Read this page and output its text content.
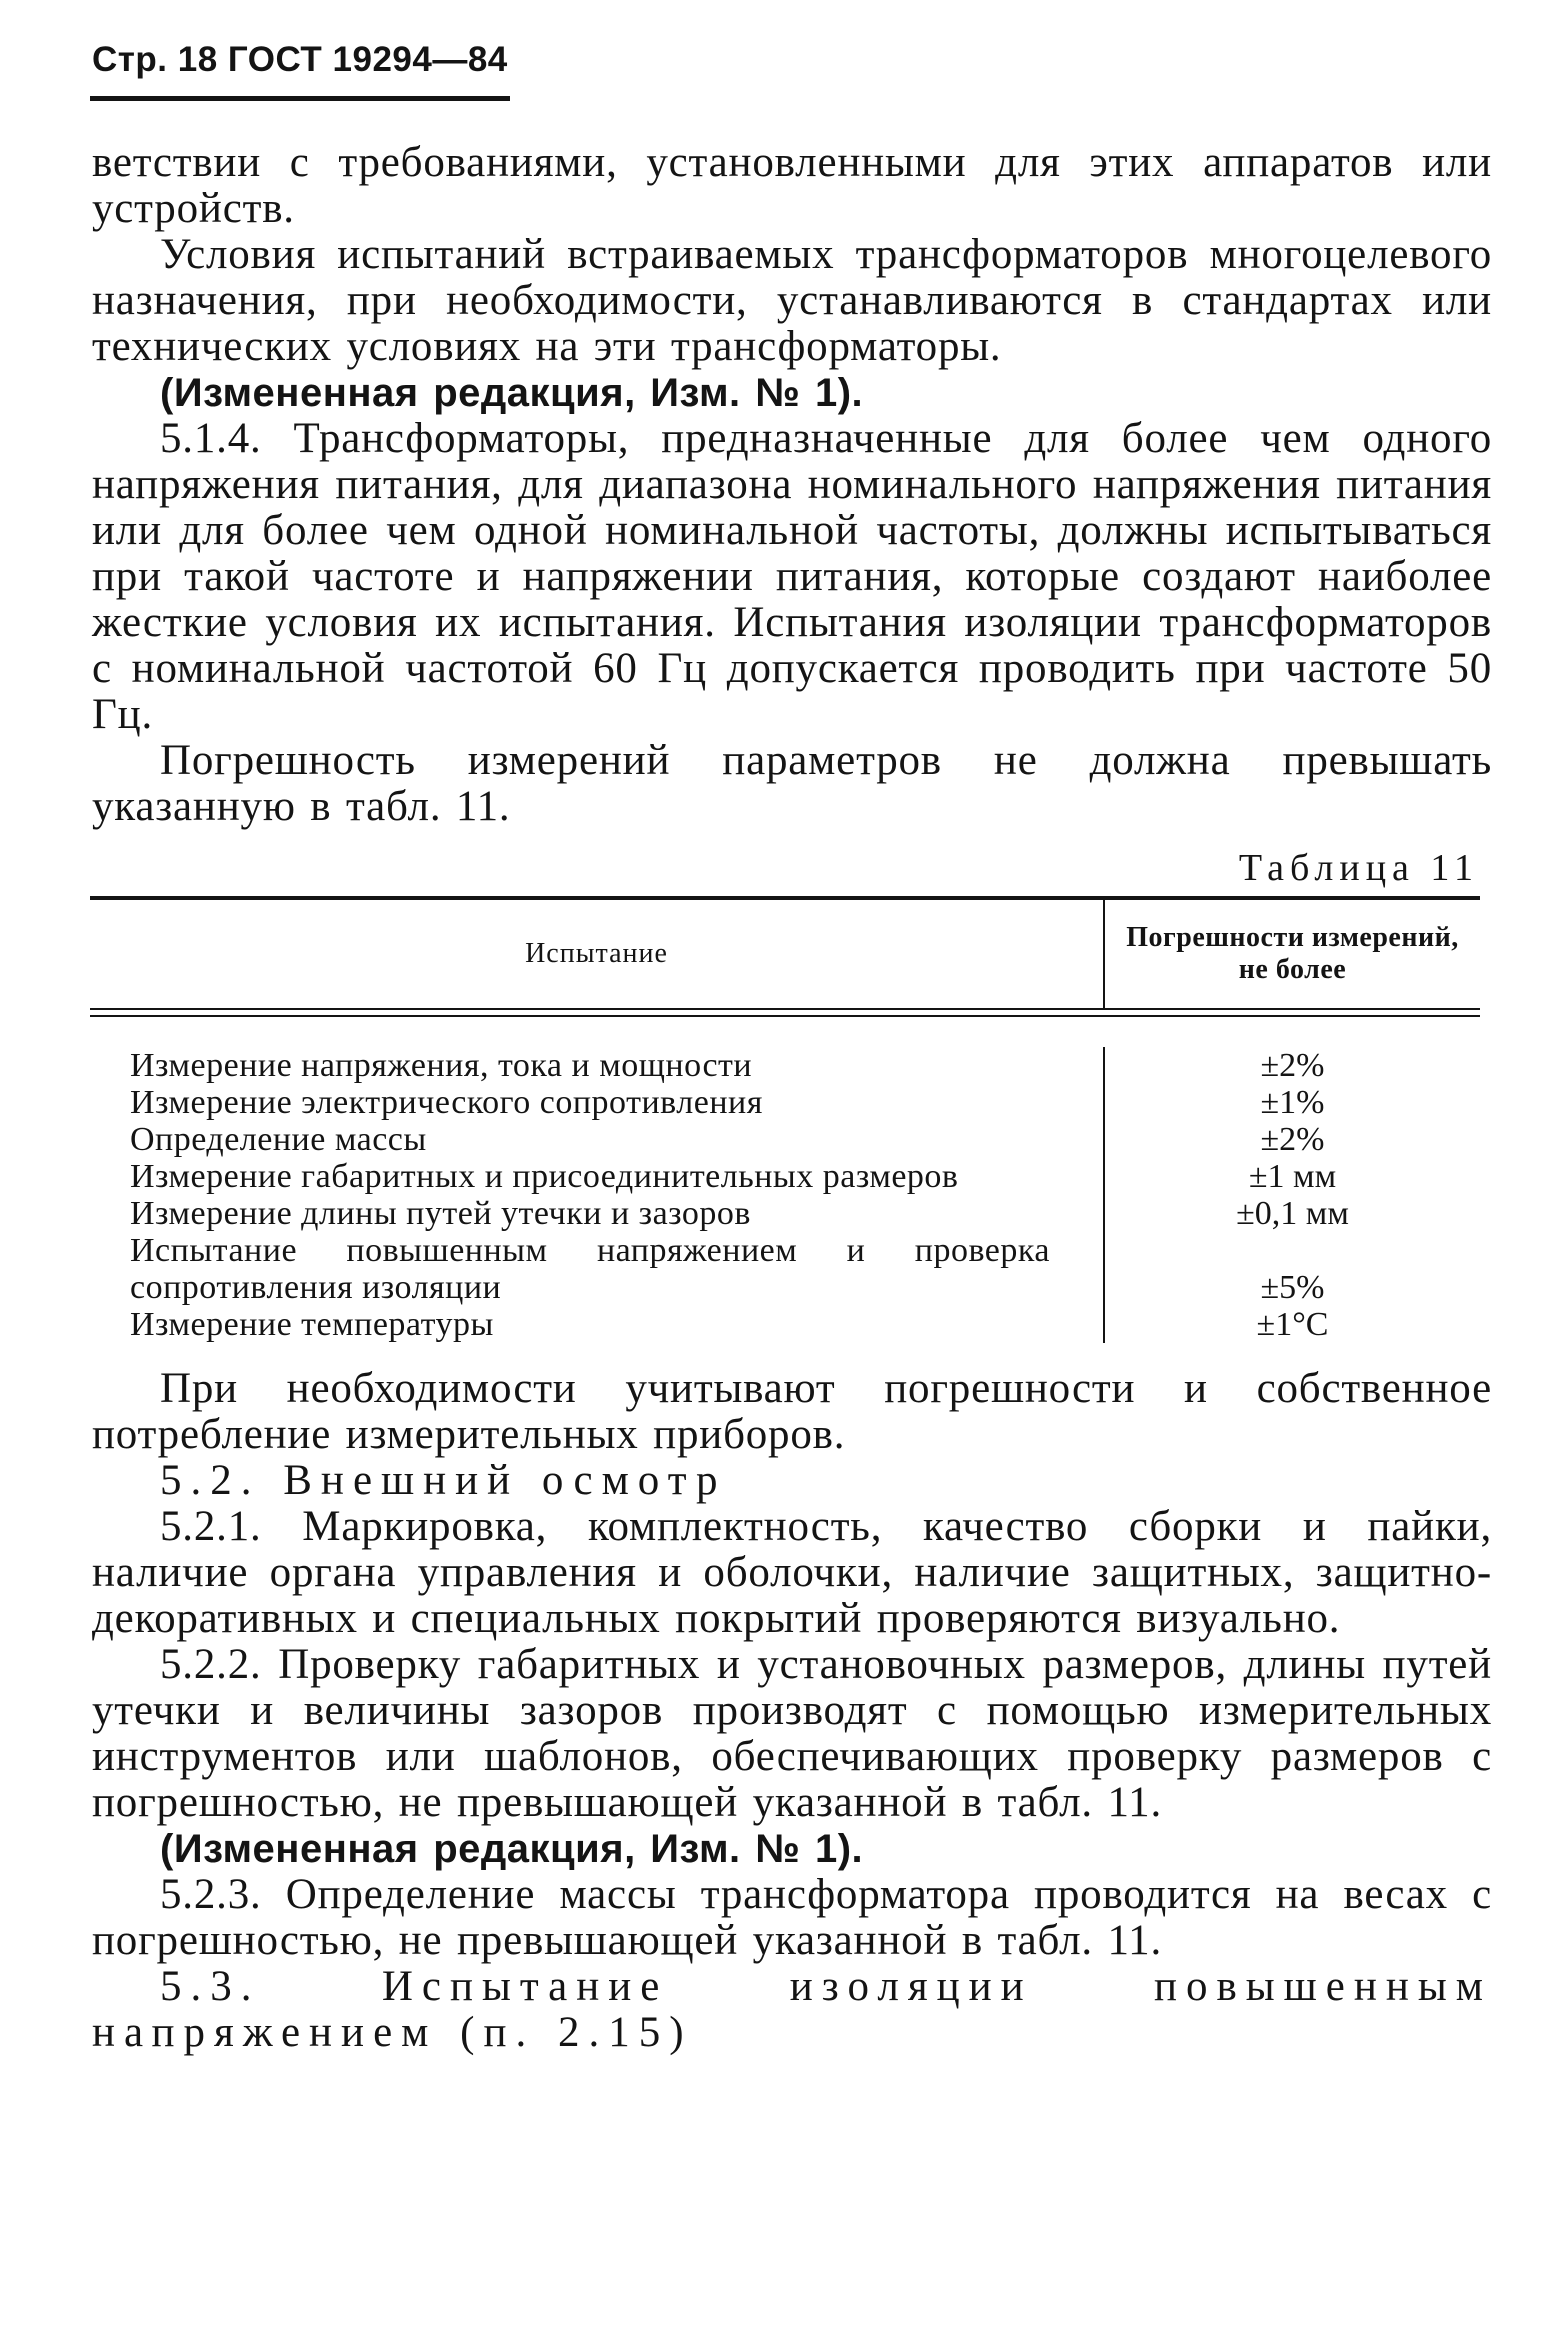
Стр. 18 ГОСТ 19294—84

ветствии с требованиями, установленными для этих аппаратов или устройств.

Условия испытаний встраиваемых трансформаторов многоцелевого назначения, при необходимости, устанавливаются в стандартах или технических условиях на эти трансформаторы.

(Измененная редакция, Изм. № 1).

5.1.4. Трансформаторы, предназначенные для более чем одного напряжения питания, для диапазона номинального напряжения питания или для более чем одной номинальной частоты, должны испытываться при такой частоте и напряжении питания, которые создают наиболее жесткие условия их испытания. Испытания изоляции трансформаторов с номинальной частотой 60 Гц допускается проводить при частоте 50 Гц.

Погрешность измерений параметров не должна превышать указанную в табл. 11.

Таблица 11
Испытание
Погрешности измерений,
не более
Измерение напряжения, тока и мощности
Измерение электрического сопротивления
Определение массы
Измерение габаритных и присоединительных размеров
Измерение длины путей утечки и зазоров
Испытание повышенным напряжением и проверка сопротивления изоляции
Измерение температуры
±2%
±1%
±2%
±1 мм
±0,1 мм
±5%
±1°C

При необходимости учитывают погрешности и собственное потребление измерительных приборов.

5.2. Внешний осмотр

5.2.1. Маркировка, комплектность, качество сборки и пайки, наличие органа управления и оболочки, наличие защитных, защитно-декоративных и специальных покрытий проверяются визуально.

5.2.2. Проверку габаритных и установочных размеров, длины путей утечки и величины зазоров производят с помощью измерительных инструментов или шаблонов, обеспечивающих проверку размеров с погрешностью, не превышающей указанной в табл. 11.

(Измененная редакция, Изм. № 1).

5.2.3. Определение массы трансформатора проводится на весах с погрешностью, не превышающей указанной в табл. 11.

5.3. Испытание изоляции повышенным напряжением (п. 2.15)
